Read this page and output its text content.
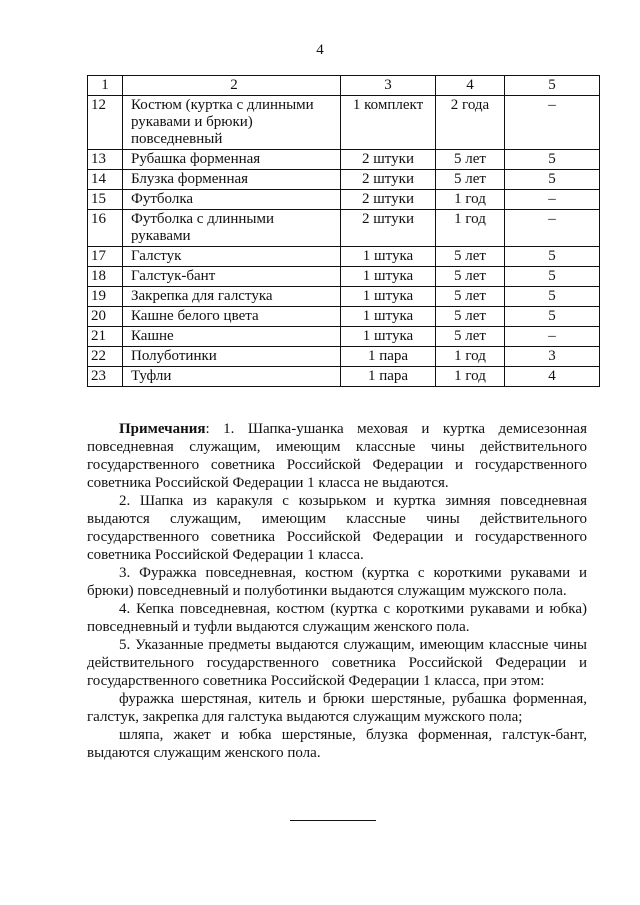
4
1	2	3	4	5
12	Костюм (куртка с длинными рукавами и брюки) повседневный	1 комплект	2 года	–
13	Рубашка форменная	2 штуки	5 лет	5
14	Блузка форменная	2 штуки	5 лет	5
15	Футболка	2 штуки	1 год	–
16	Футболка с длинными рукавами	2 штуки	1 год	–
17	Галстук	1 штука	5 лет	5
18	Галстук-бант	1 штука	5 лет	5
19	Закрепка для галстука	1 штука	5 лет	5
20	Кашне белого цвета	1 штука	5 лет	5
21	Кашне	1 штука	5 лет	–
22	Полуботинки	1 пара	1 год	3
23	Туфли	1 пара	1 год	4

Примечания: 1. Шапка-ушанка меховая и куртка демисезонная повседневная служащим, имеющим классные чины действительного государственного советника Российской Федерации и государственного советника Российской Федерации 1 класса не выдаются.

2. Шапка из каракуля с козырьком и куртка зимняя повседневная выдаются служащим, имеющим классные чины действительного государственного советника Российской Федерации и государственного советника Российской Федерации 1 класса.

3. Фуражка повседневная, костюм (куртка с короткими рукавами и брюки) повседневный и полуботинки выдаются служащим мужского пола.

4. Кепка повседневная, костюм (куртка с короткими рукавами и юбка) повседневный и туфли выдаются служащим женского пола.

5. Указанные предметы выдаются служащим, имеющим классные чины действительного государственного советника Российской Федерации и государственного советника Российской Федерации 1 класса, при этом:

фуражка шерстяная, китель и брюки шерстяные, рубашка форменная, галстук, закрепка для галстука выдаются служащим мужского пола;

шляпа, жакет и юбка шерстяные, блузка форменная, галстук-бант, выдаются служащим женского пола.
